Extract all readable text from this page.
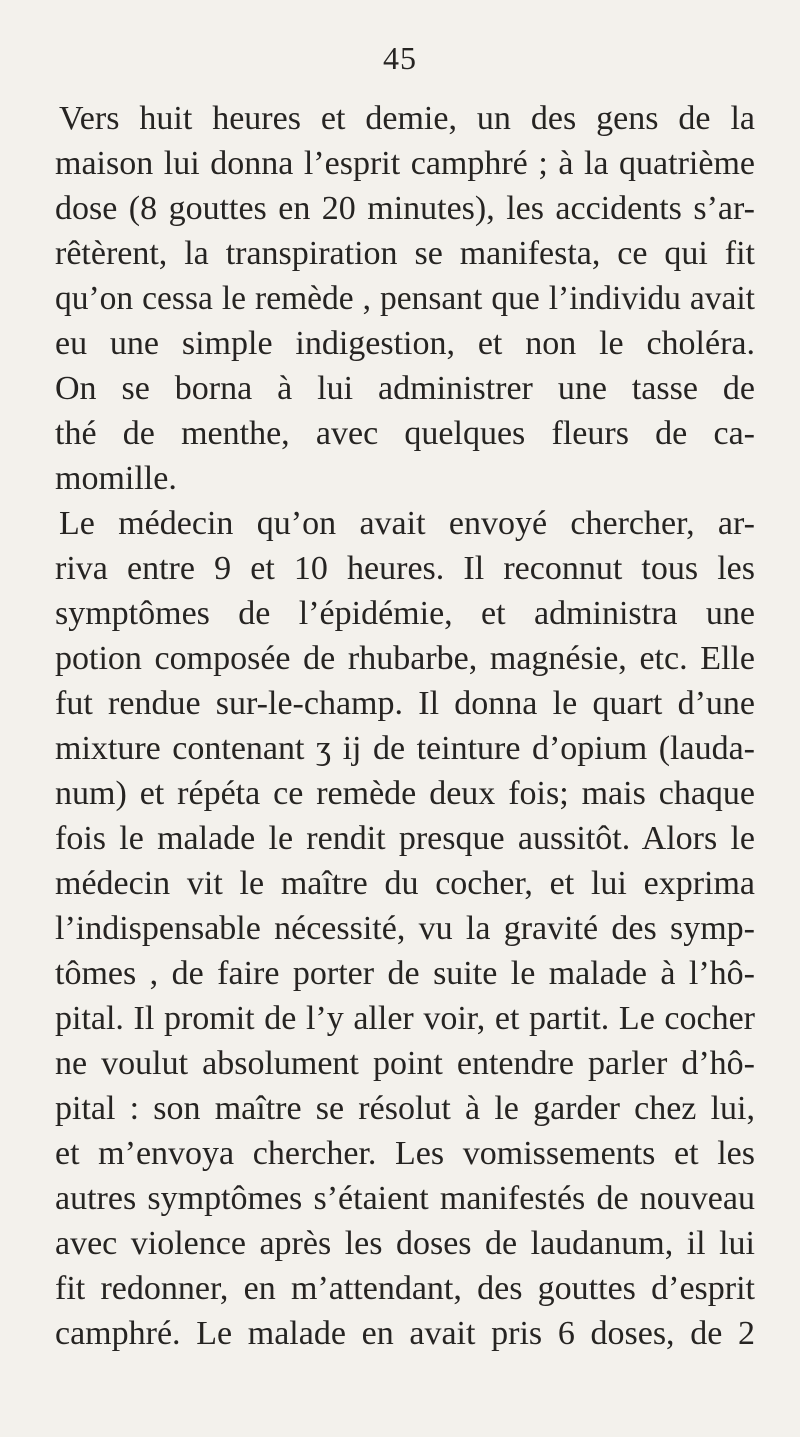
45
Vers huit heures et demie, un des gens de la
maison lui donna l’esprit camphré ; à la quatrième
dose (8 gouttes en 20 minutes), les accidents s’ar-
rêtèrent, la transpiration se manifesta, ce qui fit
qu’on cessa le remède , pensant que l’individu avait
eu une simple indigestion, et non le choléra.
On se borna à lui administrer une tasse de
thé de menthe, avec quelques fleurs de ca-
momille.
Le médecin qu’on avait envoyé chercher, ar-
riva entre 9 et 10 heures. Il reconnut tous les
symptômes de l’épidémie, et administra une
potion composée de rhubarbe, magnésie, etc. Elle
fut rendue sur-le-champ. Il donna le quart d’une
mixture contenant ʒ ij de teinture d’opium (lauda-
num) et répéta ce remède deux fois; mais chaque
fois le malade le rendit presque aussitôt. Alors le
médecin vit le maître du cocher, et lui exprima
l’indispensable nécessité, vu la gravité des symp-
tômes , de faire porter de suite le malade à l’hô-
pital. Il promit de l’y aller voir, et partit. Le cocher
ne voulut absolument point entendre parler d’hô-
pital : son maître se résolut à le garder chez lui,
et m’envoya chercher. Les vomissements et les
autres symptômes s’étaient manifestés de nouveau
avec violence après les doses de laudanum, il lui
fit redonner, en m’attendant, des gouttes d’esprit
camphré. Le malade en avait pris 6 doses, de 2
